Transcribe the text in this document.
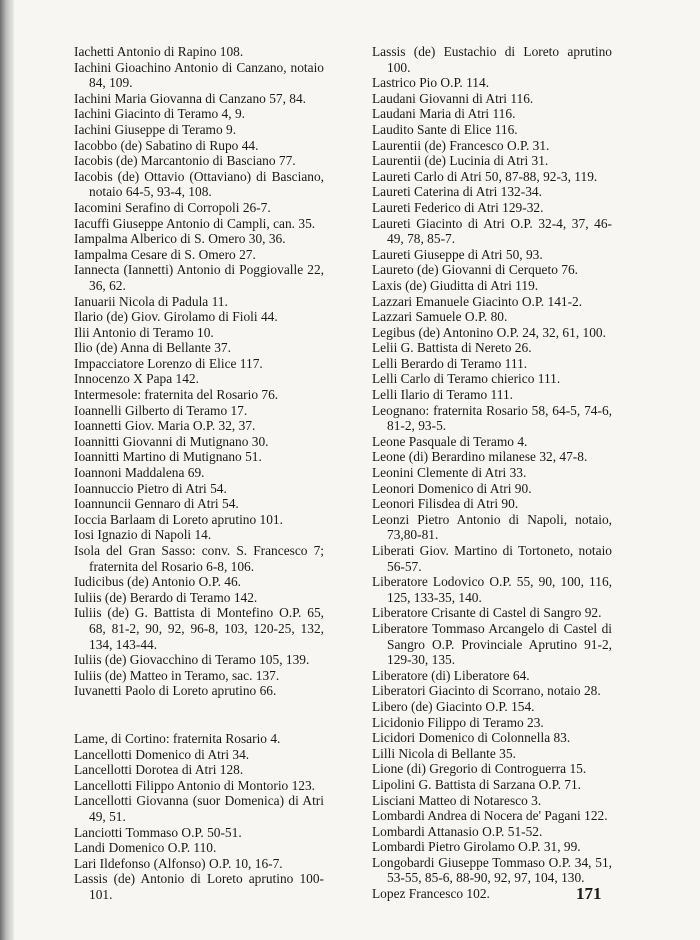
Iachetti Antonio di Rapino 108.
Iachini Gioachino Antonio di Canzano, notaio 84, 109.
Iachini Maria Giovanna di Canzano 57, 84.
Iachini Giacinto di Teramo 4, 9.
Iachini Giuseppe di Teramo 9.
Iacobbo (de) Sabatino di Rupo 44.
Iacobis (de) Marcantonio di Basciano 77.
Iacobis (de) Ottavio (Ottaviano) di Basciano, notaio 64-5, 93-4, 108.
Iacomini Serafino di Corropoli 26-7.
Iacuffi Giuseppe Antonio di Campli, can. 35.
Iampalma Alberico di S. Omero 30, 36.
Iampalma Cesare di S. Omero 27.
Iannecta (Iannetti) Antonio di Poggiovalle 22, 36, 62.
Ianuarii Nicola di Padula 11.
Ilario (de) Giov. Girolamo di Fioli 44.
Ilii Antonio di Teramo 10.
Ilio (de) Anna di Bellante 37.
Impacciatore Lorenzo di Elice 117.
Innocenzo X Papa 142.
Intermesole: fraternita del Rosario 76.
Ioannelli Gilberto di Teramo 17.
Ioannetti Giov. Maria O.P. 32, 37.
Ioannitti Giovanni di Mutignano 30.
Ioannitti Martino di Mutignano 51.
Ioannoni Maddalena 69.
Ioannuccio Pietro di Atri 54.
Ioannuncii Gennaro di Atri 54.
Ioccia Barlaam di Loreto aprutino 101.
Iosi Ignazio di Napoli 14.
Isola del Gran Sasso: conv. S. Francesco 7; fraternita del Rosario 6-8, 106.
Iudicibus (de) Antonio O.P. 46.
Iuliis (de) Berardo di Teramo 142.
Iuliis (de) G. Battista di Montefino O.P. 65, 68, 81-2, 90, 92, 96-8, 103, 120-25, 132, 134, 143-44.
Iuliis (de) Giovacchino di Teramo 105, 139.
Iuliis (de) Matteo in Teramo, sac. 137.
Iuvanetti Paolo di Loreto aprutino 66.
Lame, di Cortino: fraternita Rosario 4.
Lancellotti Domenico di Atri 34.
Lancellotti Dorotea di Atri 128.
Lancellotti Filippo Antonio di Montorio 123.
Lancellotti Giovanna (suor Domenica) di Atri 49, 51.
Lanciotti Tommaso O.P. 50-51.
Landi Domenico O.P. 110.
Lari Ildefonso (Alfonso) O.P. 10, 16-7.
Lassis (de) Antonio di Loreto aprutino 100-101.
Lassis (de) Eustachio di Loreto aprutino 100.
Lastrico Pio O.P. 114.
Laudani Giovanni di Atri 116.
Laudani Maria di Atri 116.
Laudito Sante di Elice 116.
Laurentii (de) Francesco O.P. 31.
Laurentii (de) Lucinia di Atri 31.
Laureti Carlo di Atri 50, 87-88, 92-3, 119.
Laureti Caterina di Atri 132-34.
Laureti Federico di Atri 129-32.
Laureti Giacinto di Atri O.P. 32-4, 37, 46-49, 78, 85-7.
Laureti Giuseppe di Atri 50, 93.
Laureto (de) Giovanni di Cerqueto 76.
Laxis (de) Giuditta di Atri 119.
Lazzari Emanuele Giacinto O.P. 141-2.
Lazzari Samuele O.P. 80.
Legibus (de) Antonino O.P. 24, 32, 61, 100.
Lelii G. Battista di Nereto 26.
Lelli Berardo di Teramo 111.
Lelli Carlo di Teramo chierico 111.
Lelli Ilario di Teramo 111.
Leognano: fraternita Rosario 58, 64-5, 74-6, 81-2, 93-5.
Leone Pasquale di Teramo 4.
Leone (di) Berardino milanese 32, 47-8.
Leonini Clemente di Atri 33.
Leonori Domenico di Atri 90.
Leonori Filisdea di Atri 90.
Leonzi Pietro Antonio di Napoli, notaio, 73,80-81.
Liberati Giov. Martino di Tortoneto, notaio 56-57.
Liberatore Lodovico O.P. 55, 90, 100, 116, 125, 133-35, 140.
Liberatore Crisante di Castel di Sangro 92.
Liberatore Tommaso Arcangelo di Castel di Sangro O.P. Provinciale Aprutino 91-2, 129-30, 135.
Liberatore (di) Liberatore 64.
Liberatori Giacinto di Scorrano, notaio 28.
Libero (de) Giacinto O.P. 154.
Licidonio Filippo di Teramo 23.
Licidori Domenico di Colonnella 83.
Lilli Nicola di Bellante 35.
Lione (di) Gregorio di Controguerra 15.
Lipolini G. Battista di Sarzana O.P. 71.
Lisciani Matteo di Notaresco 3.
Lombardi Andrea di Nocera de' Pagani 122.
Lombardi Attanasio O.P. 51-52.
Lombardi Pietro Girolamo O.P. 31, 99.
Longobardi Giuseppe Tommaso O.P. 34, 51, 53-55, 85-6, 88-90, 92, 97, 104, 130.
Lopez Francesco 102.	171
